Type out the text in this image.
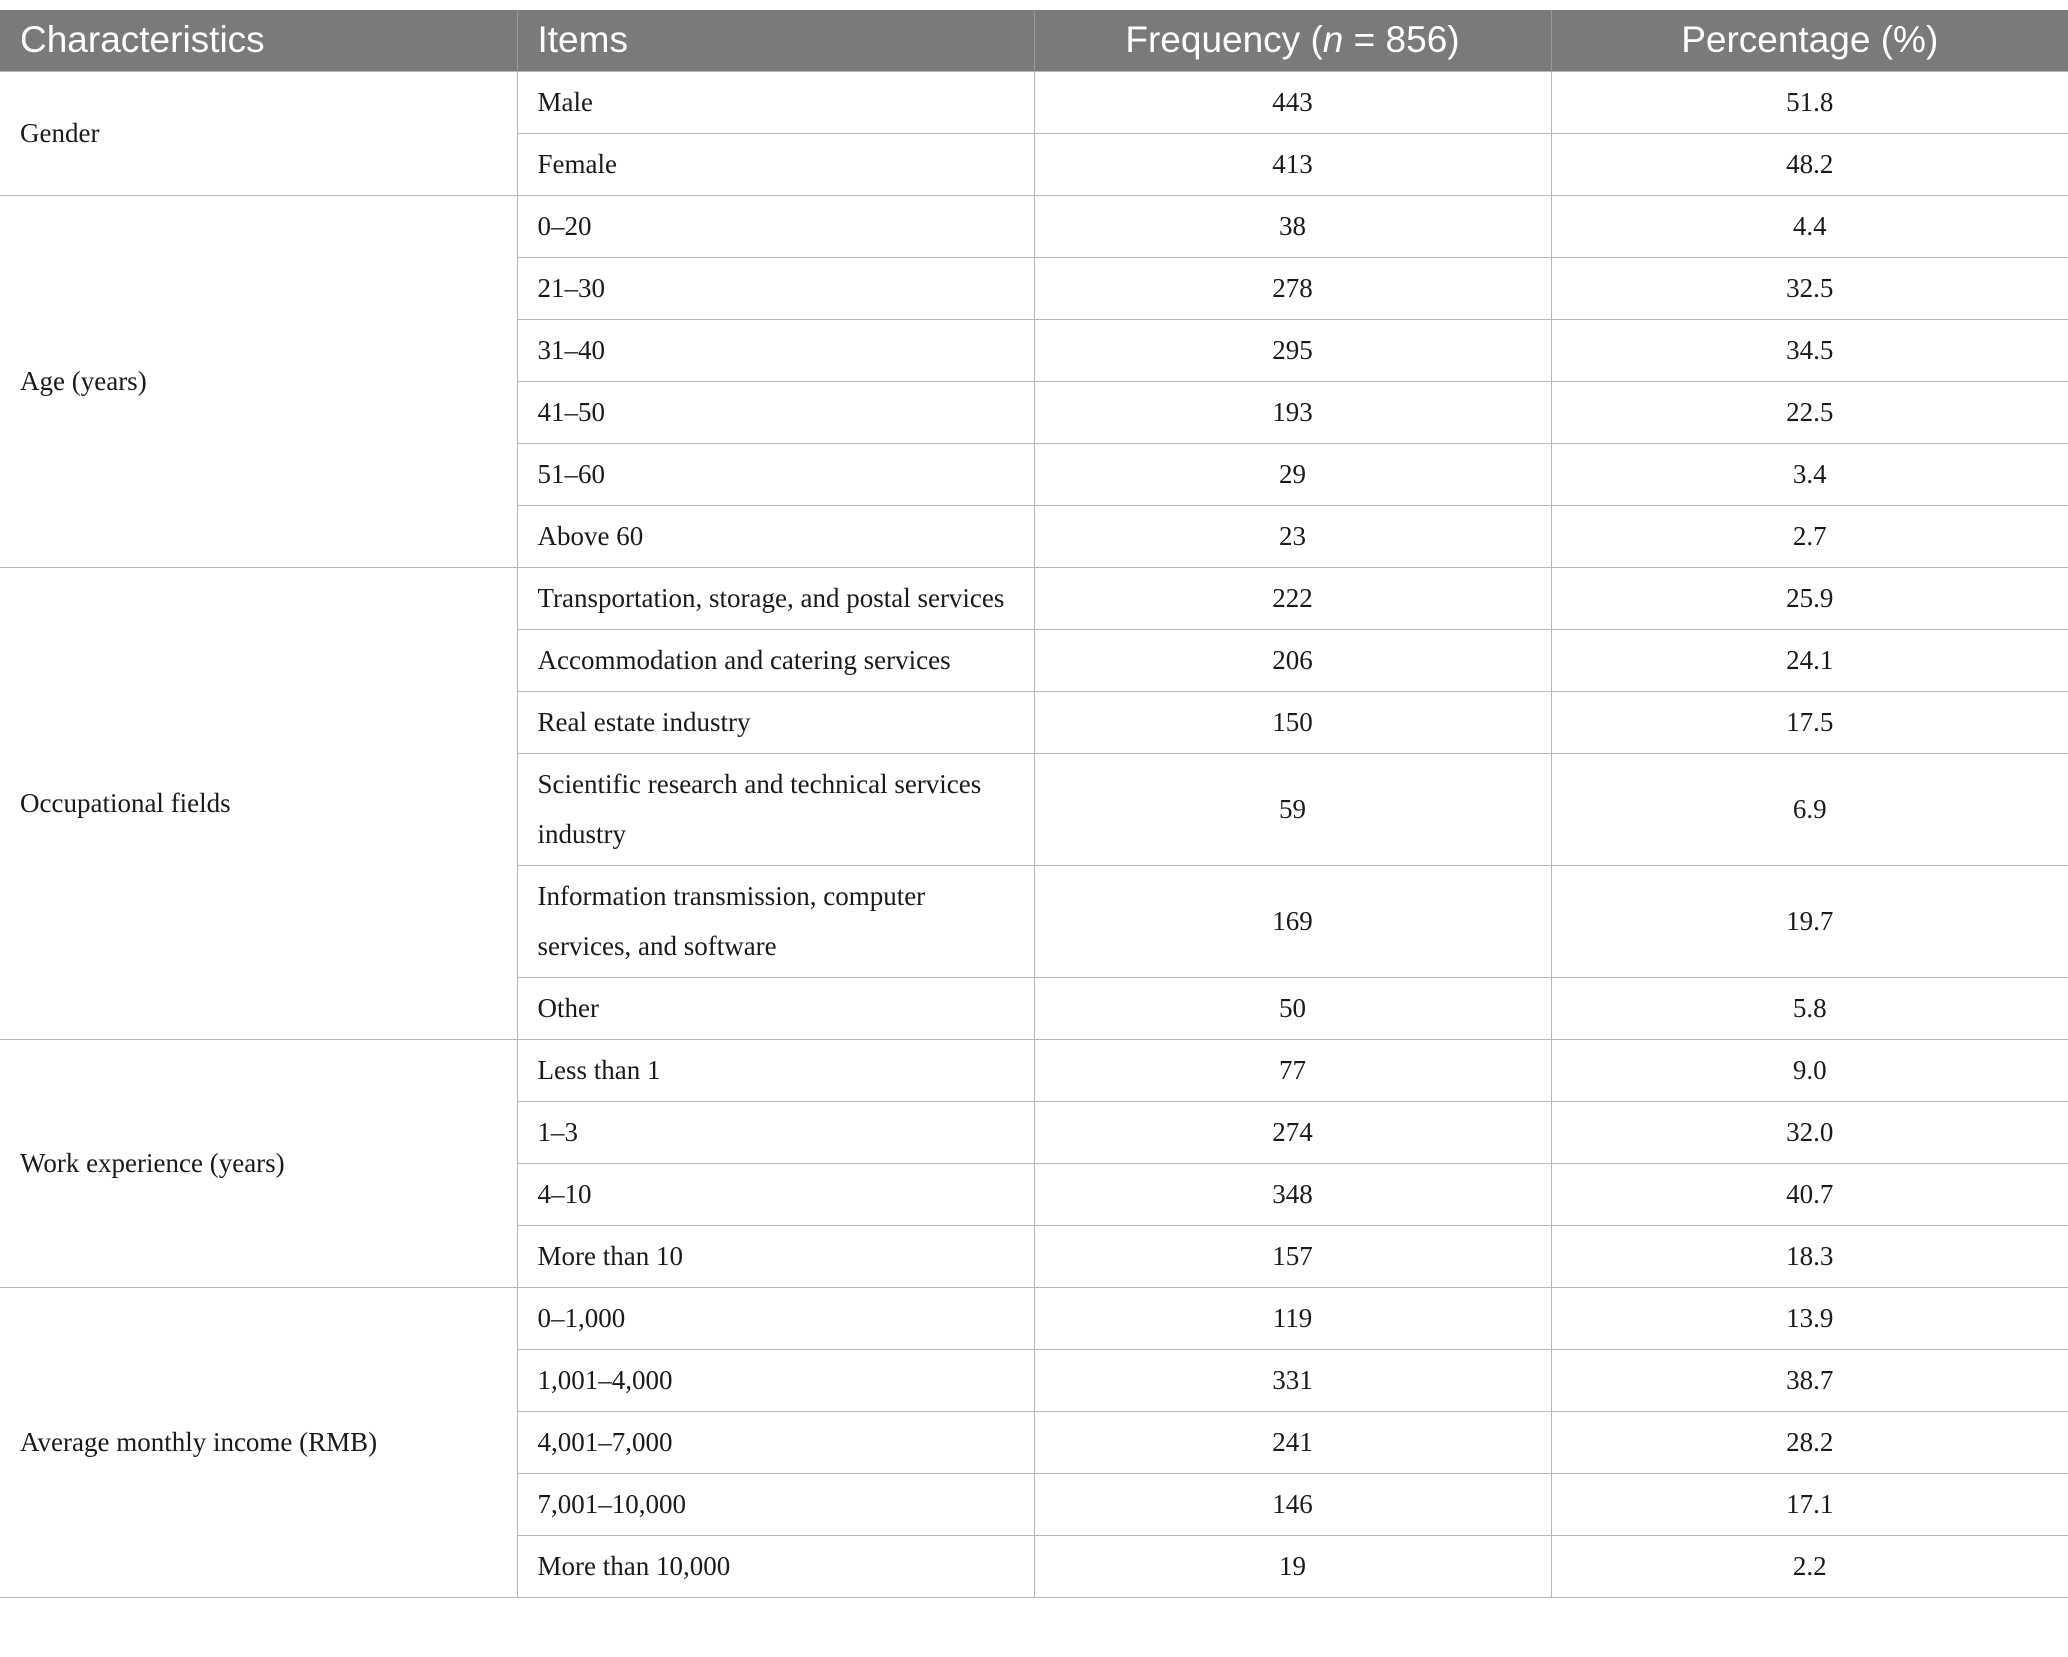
Characteristics	Items	Frequency (n = 856)	Percentage (%)
Gender	Male	443	51.8
	Female	413	48.2
Age (years)	0–20	38	4.4
	21–30	278	32.5
	31–40	295	34.5
	41–50	193	22.5
	51–60	29	3.4
	Above 60	23	2.7
Occupational fields	Transportation, storage, and postal services	222	25.9
	Accommodation and catering services	206	24.1
	Real estate industry	150	17.5
	Scientific research and technical services industry	59	6.9
	Information transmission, computer services, and software	169	19.7
	Other	50	5.8
Work experience (years)	Less than 1	77	9.0
	1–3	274	32.0
	4–10	348	40.7
	More than 10	157	18.3
Average monthly income (RMB)	0–1,000	119	13.9
	1,001–4,000	331	38.7
	4,001–7,000	241	28.2
	7,001–10,000	146	17.1
	More than 10,000	19	2.2
